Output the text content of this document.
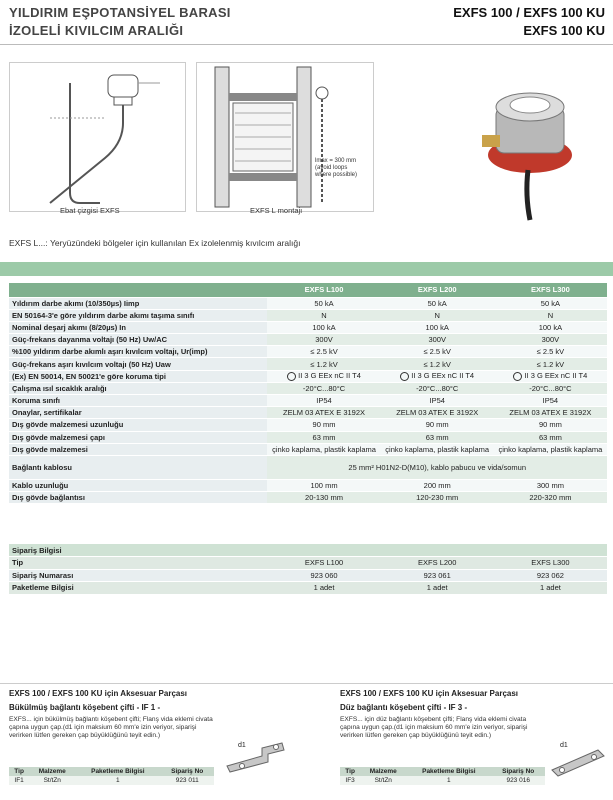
YILDIRIM EŞPOTANSİYEL BARASI
İZOLELİ KIVILCIM ARALIĞI
EXFS 100 / EXFS 100 KU
EXFS 100 KU
Ebat çizgisi EXFS
lmax = 300 mm
(avoid loops
where possible)
EXFS L montajı
EXFS L...: Yeryüzündeki bölgeler için kullanılan Ex izolelenmiş kıvılcım aralığı
	EXFS L100	EXFS L200	EXFS L300
Yıldırım darbe akımı (10/350µs) Iimp	50 kA	50 kA	50 kA
EN 50164-3'e göre yıldırım darbe akımı taşıma sınıfı	N	N	N
Nominal deşarj akımı (8/20µs) In	100 kA	100 kA	100 kA
Güç-frekans dayanma voltajı (50 Hz) Uw/AC	300V	300V	300V
%100 yıldırım darbe akımlı aşırı kıvılcım voltajı, Ur(imp)	≤ 2.5 kV	≤ 2.5 kV	≤ 2.5 kV
Güç-frekans aşırı kıvılcım voltajı (50 Hz) Uaw	≤ 1.2 kV	≤ 1.2 kV	≤ 1.2 kV
(Ex) EN 50014, EN 50021'e göre koruma tipi	II 3 G EEx nC II T4	II 3 G EEx nC II T4	II 3 G EEx nC II T4
Çalışma ısıl sıcaklık aralığı	-20°C...80°C	-20°C...80°C	-20°C...80°C
Koruma sınıfı	IP54	IP54	IP54
Onaylar, sertifikalar	ZELM 03 ATEX E 3192X	ZELM 03 ATEX E 3192X	ZELM 03 ATEX E 3192X
Dış gövde malzemesi uzunluğu	90 mm	90 mm	90 mm
Dış gövde malzemesi çapı	63 mm	63 mm	63 mm
Dış gövde malzemesi	çinko kaplama, plastik kaplama	çinko kaplama, plastik kaplama	çinko kaplama, plastik kaplama
Bağlantı kablosu	25 mm² H01N2-D(M10), kablo pabucu ve vida/somun		
Kablo uzunluğu	100 mm	200 mm	300 mm
Dış gövde bağlantısı	20-130 mm	120-230 mm	220-320 mm
Sipariş Bilgisi			
Tip	EXFS L100	EXFS L200	EXFS L300
Sipariş Numarası	923 060	923 061	923 062
Paketleme Bilgisi	1 adet	1 adet	1 adet
EXFS 100 / EXFS 100 KU için Aksesuar Parçası
Bükülmüş bağlantı köşebent çifti - IF 1 -
EXFS... için bükülmüş bağlantı köşebent çifti; Flanş vida eklemi civata çapına uygun çap.(d1 için maksium 60 mm'e izin veriyor, siparişi verirken lütfen gereken çap büyüklüğünü teyit edin.)
d1
Tip	Malzeme	Paketleme Bilgisi	Sipariş No
IF1	St/tZn	1	923 011
EXFS 100 / EXFS 100 KU için Aksesuar Parçası
Düz bağlantı köşebent çifti - IF 3 -
EXFS... için düz bağlantı köşebent çifti; Flanş vida eklemi civata çapına uygun çap.(d1 için maksium 60 mm'e izin veriyor, siparişi verirken lütfen gereken çap büyüklüğünü teyit edin.)
d1
Tip	Malzeme	Paketleme Bilgisi	Sipariş No
IF3	St/tZn	1	923 016
